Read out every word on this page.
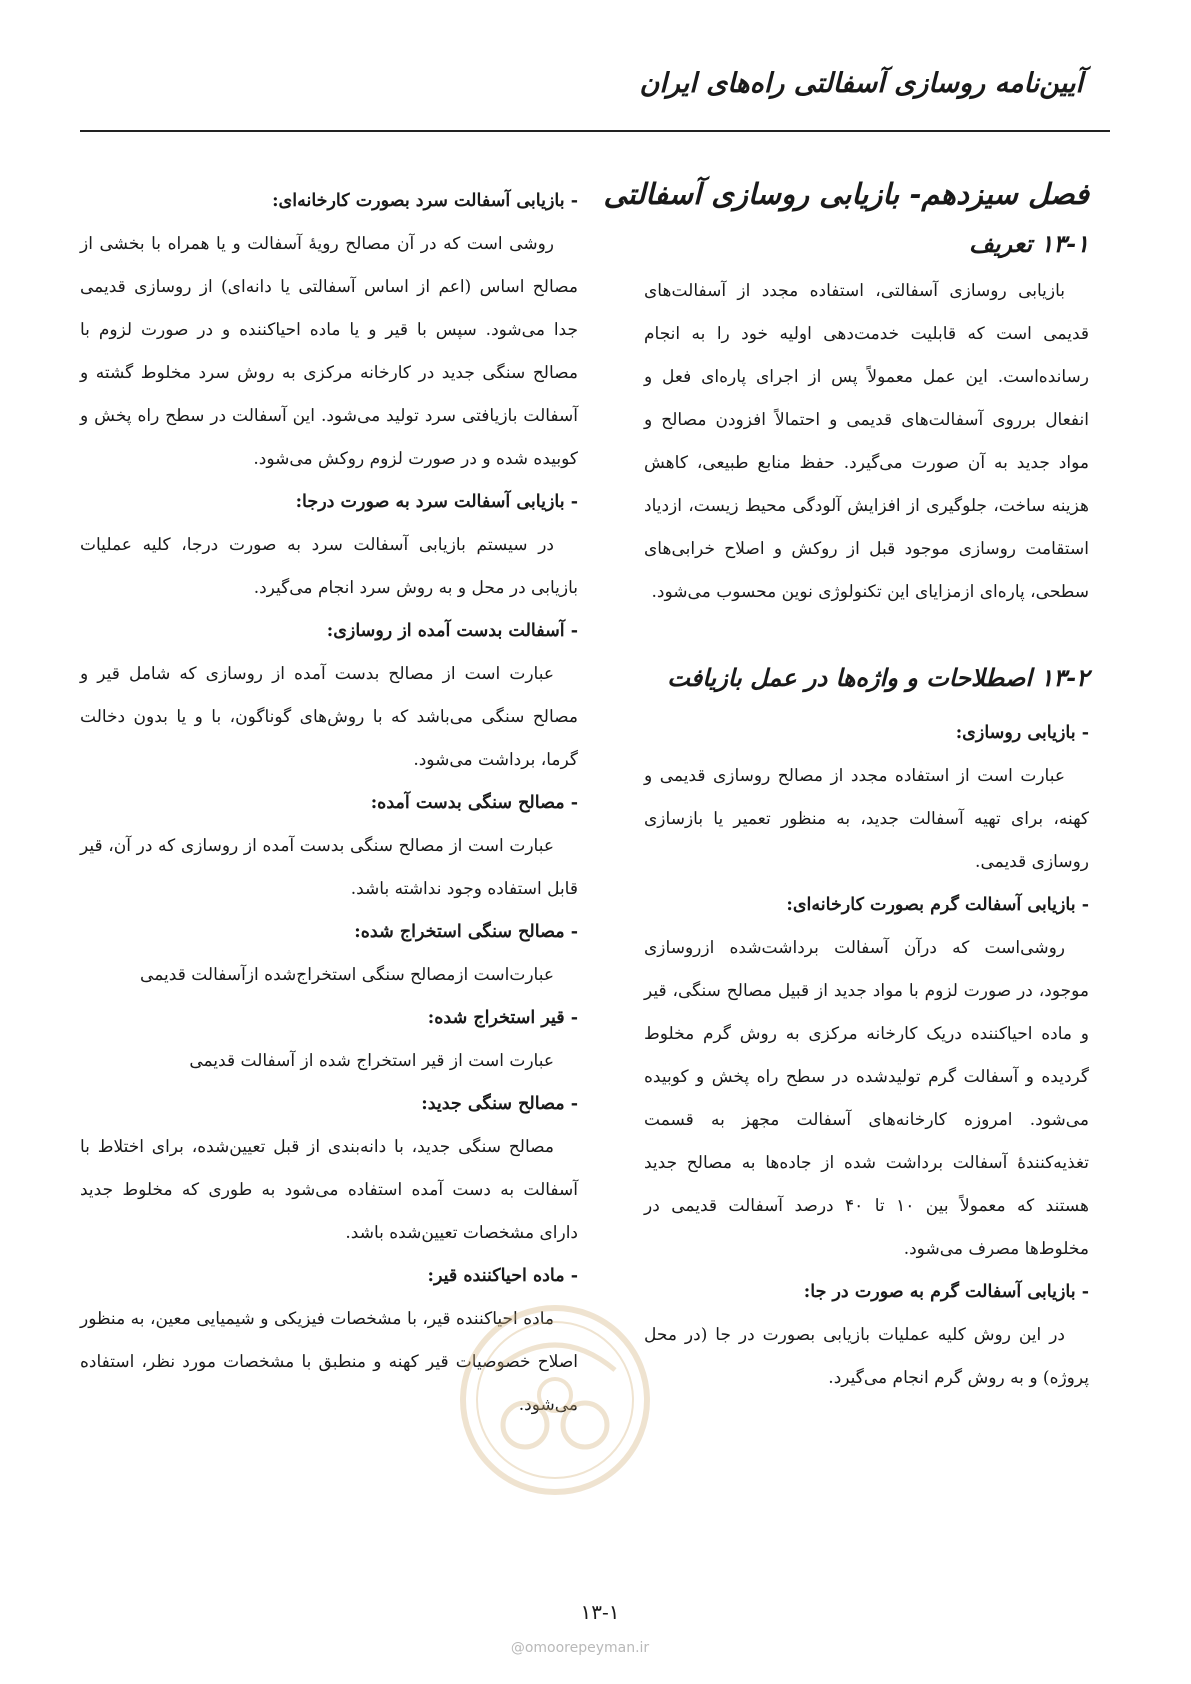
آیین‌نامه روسازی آسفالتی راه‌های ایران
فصل سیزدهم- بازیابی روسازی آسفالتی
۱۳-۱ تعریف

بازیابی روسازی آسفالتی، استفاده مجدد از آسفالت‌های قدیمی است که قابلیت خدمت‌دهی اولیه خود را به انجام رسانده‌است. این عمل معمولاً پس از اجرای پاره‌ای فعل و انفعال برروی آسفالت‌های قدیمی و احتمالاً افزودن مصالح و مواد جدید به آن صورت می‌گیرد. حفظ منابع طبیعی، کاهش هزینه ساخت، جلوگیری از افزایش آلودگی محیط زیست، ازدیاد استقامت روسازی موجود قبل از روکش و اصلاح خرابی‌های سطحی، پاره‌ای ازمزایای این تکنولوژی نوین محسوب می‌شود.

۱۳-۲ اصطلاحات و واژه‌ها در عمل بازیافت
- بازیابی روسازی:

عبارت است از استفاده مجدد از مصالح روسازی قدیمی و کهنه، برای تهیه آسفالت جدید، به منظور تعمیر یا بازسازی روسازی قدیمی.

- بازیابی آسفالت گرم بصورت کارخانه‌ای:

روشی‌است که درآن آسفالت برداشت‌شده ازروسازی موجود، در صورت لزوم با مواد جدید از قبیل مصالح سنگی، قیر و ماده احیاکننده دریک کارخانه مرکزی به روش گرم مخلوط گردیده و آسفالت گرم تولیدشده در سطح راه پخش و کوبیده می‌شود. امروزه کارخانه‌های آسفالت مجهز به قسمت تغذیه‌کنندهٔ آسفالت برداشت شده از جاده‌ها به مصالح جدید هستند که معمولاً بین ۱۰ تا ۴۰ درصد آسفالت قدیمی در مخلوط‌ها مصرف می‌شود.

- بازیابی آسفالت گرم به صورت در جا:

در این روش کلیه عملیات بازیابی بصورت در جا (در محل پروژه) و به روش گرم انجام می‌گیرد.

- بازیابی آسفالت سرد بصورت کارخانه‌ای:

روشی است که در آن مصالح رویهٔ آسفالت و یا همراه با بخشی از مصالح اساس (اعم از اساس آسفالتی یا دانه‌ای) از روسازی قدیمی جدا می‌شود. سپس با قیر و یا ماده احیاکننده و در صورت لزوم با مصالح سنگی جدید در کارخانه مرکزی به روش سرد مخلوط گشته و آسفالت بازیافتی سرد تولید می‌شود. این آسفالت در سطح راه پخش و کوبیده شده و در صورت لزوم روکش می‌شود.

- بازیابی آسفالت سرد به صورت درجا:

در سیستم بازیابی آسفالت سرد به صورت درجا، کلیه عملیات بازیابی در محل و به روش سرد انجام می‌گیرد.

- آسفالت بدست آمده از روسازی:

عبارت است از مصالح بدست آمده از روسازی که شامل قیر و مصالح سنگی می‌باشد که با روش‌های گوناگون، با و یا بدون دخالت گرما، برداشت می‌شود.

- مصالح سنگی بدست آمده:

عبارت است از مصالح سنگی بدست آمده از روسازی که در آن، قیر قابل استفاده وجود نداشته باشد.

- مصالح سنگی استخراج شده:

عبارت‌است ازمصالح سنگی استخراج‌شده ازآسفالت قدیمی

- قیر استخراج شده:

عبارت است از قیر استخراج شده از آسفالت قدیمی

- مصالح سنگی جدید:

مصالح سنگی جدید، با دانه‌بندی از قبل تعیین‌شده، برای اختلاط با آسفالت به دست آمده استفاده می‌شود به طوری که مخلوط جدید دارای مشخصات تعیین‌شده باشد.

- ماده احیاکننده قیر:

ماده احیاکننده قیر، با مشخصات فیزیکی و شیمیایی معین، به منظور اصلاح خصوصیات قیر کهنه و منطبق با مشخصات مورد نظر، استفاده می‌شود.

@omoorepeyman.ir
۱۳-۱
